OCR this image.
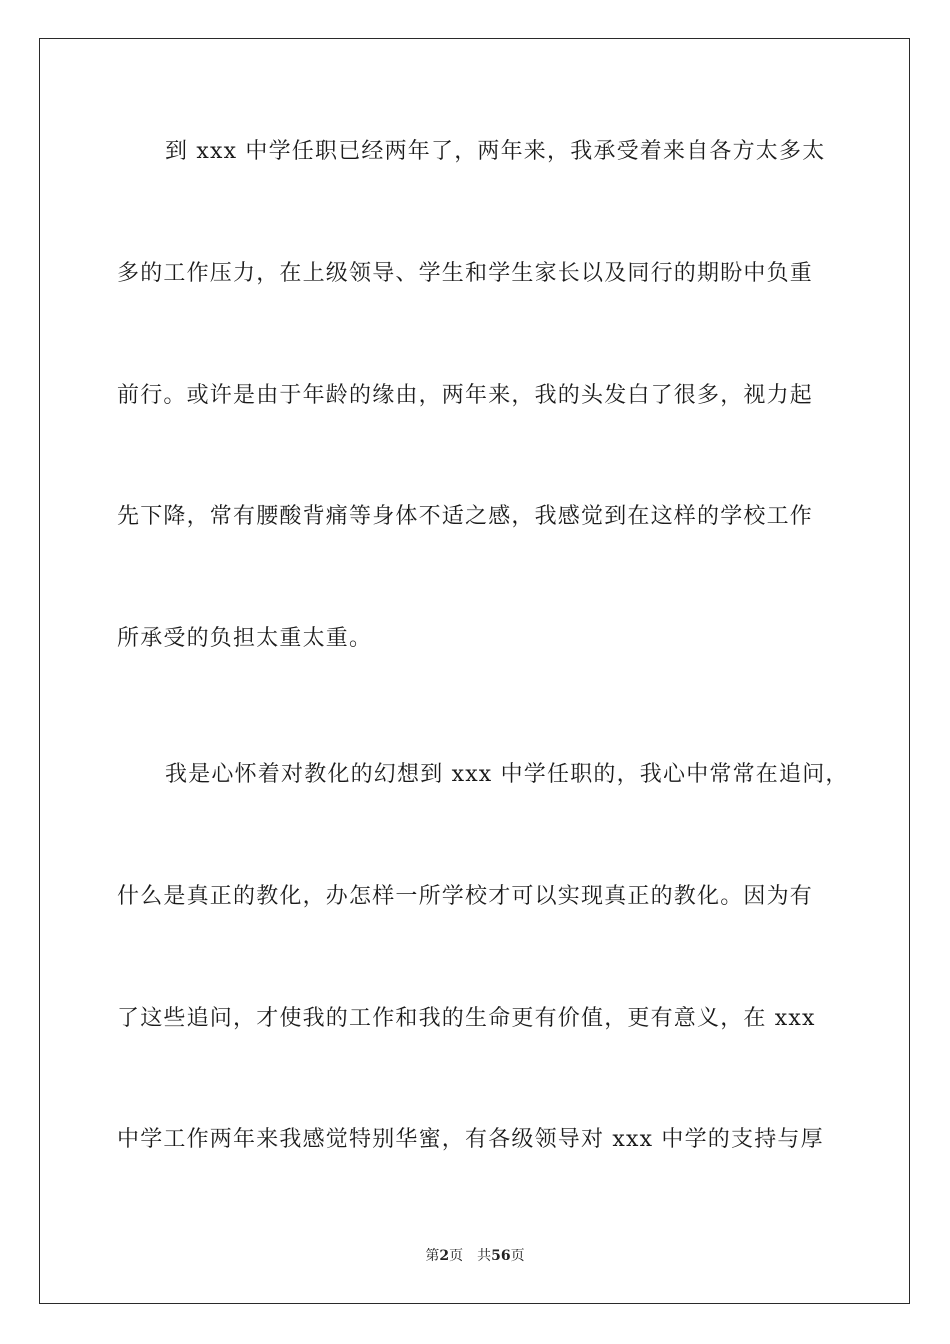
到 xxx 中学任职已经两年了，两年来，我承受着来自各方太多太
多的工作压力，在上级领导、学生和学生家长以及同行的期盼中负重
前行。或许是由于年龄的缘由，两年来，我的头发白了很多，视力起
先下降，常有腰酸背痛等身体不适之感，我感觉到在这样的学校工作
所承受的负担太重太重。
我是心怀着对教化的幻想到 xxx 中学任职的，我心中常常在追问，
什么是真正的教化，办怎样一所学校才可以实现真正的教化。因为有
了这些追问，才使我的工作和我的生命更有价值，更有意义，在 xxx
中学工作两年来我感觉特别华蜜，有各级领导对 xxx 中学的支持与厚
第2页 共56页
